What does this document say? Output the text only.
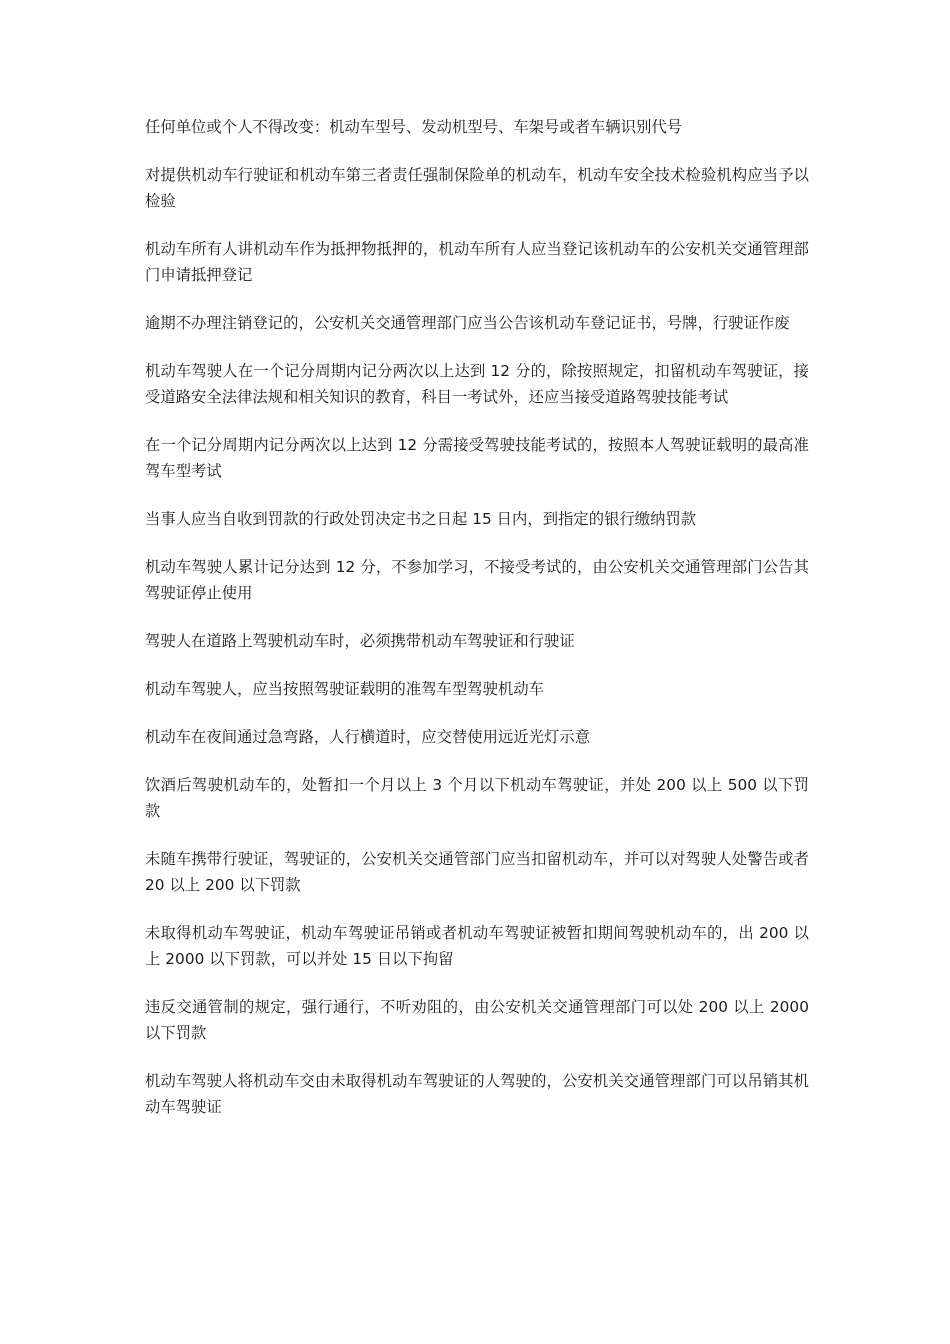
任何单位或个人不得改变：机动车型号、发动机型号、车架号或者车辆识别代号

对提供机动车行驶证和机动车第三者责任强制保险单的机动车，机动车安全技术检验机构应当予以检验

机动车所有人讲机动车作为抵押物抵押的，机动车所有人应当登记该机动车的公安机关交通管理部门申请抵押登记

逾期不办理注销登记的，公安机关交通管理部门应当公告该机动车登记证书，号牌，行驶证作废

机动车驾驶人在一个记分周期内记分两次以上达到 12 分的，除按照规定，扣留机动车驾驶证，接受道路安全法律法规和相关知识的教育，科目一考试外，还应当接受道路驾驶技能考试

在一个记分周期内记分两次以上达到 12 分需接受驾驶技能考试的，按照本人驾驶证载明的最高准驾车型考试

当事人应当自收到罚款的行政处罚决定书之日起 15 日内，到指定的银行缴纳罚款

机动车驾驶人累计记分达到 12 分，不参加学习，不接受考试的，由公安机关交通管理部门公告其驾驶证停止使用

驾驶人在道路上驾驶机动车时，必须携带机动车驾驶证和行驶证

机动车驾驶人，应当按照驾驶证载明的准驾车型驾驶机动车

机动车在夜间通过急弯路，人行横道时，应交替使用远近光灯示意

饮酒后驾驶机动车的，处暂扣一个月以上 3 个月以下机动车驾驶证，并处 200 以上 500 以下罚款

未随车携带行驶证，驾驶证的，公安机关交通管部门应当扣留机动车，并可以对驾驶人处警告或者 20 以上 200 以下罚款

未取得机动车驾驶证，机动车驾驶证吊销或者机动车驾驶证被暂扣期间驾驶机动车的，出 200 以上 2000 以下罚款，可以并处 15 日以下拘留

违反交通管制的规定，强行通行，不听劝阻的，由公安机关交通管理部门可以处 200 以上 2000 以下罚款

机动车驾驶人将机动车交由未取得机动车驾驶证的人驾驶的，公安机关交通管理部门可以吊销其机动车驾驶证
